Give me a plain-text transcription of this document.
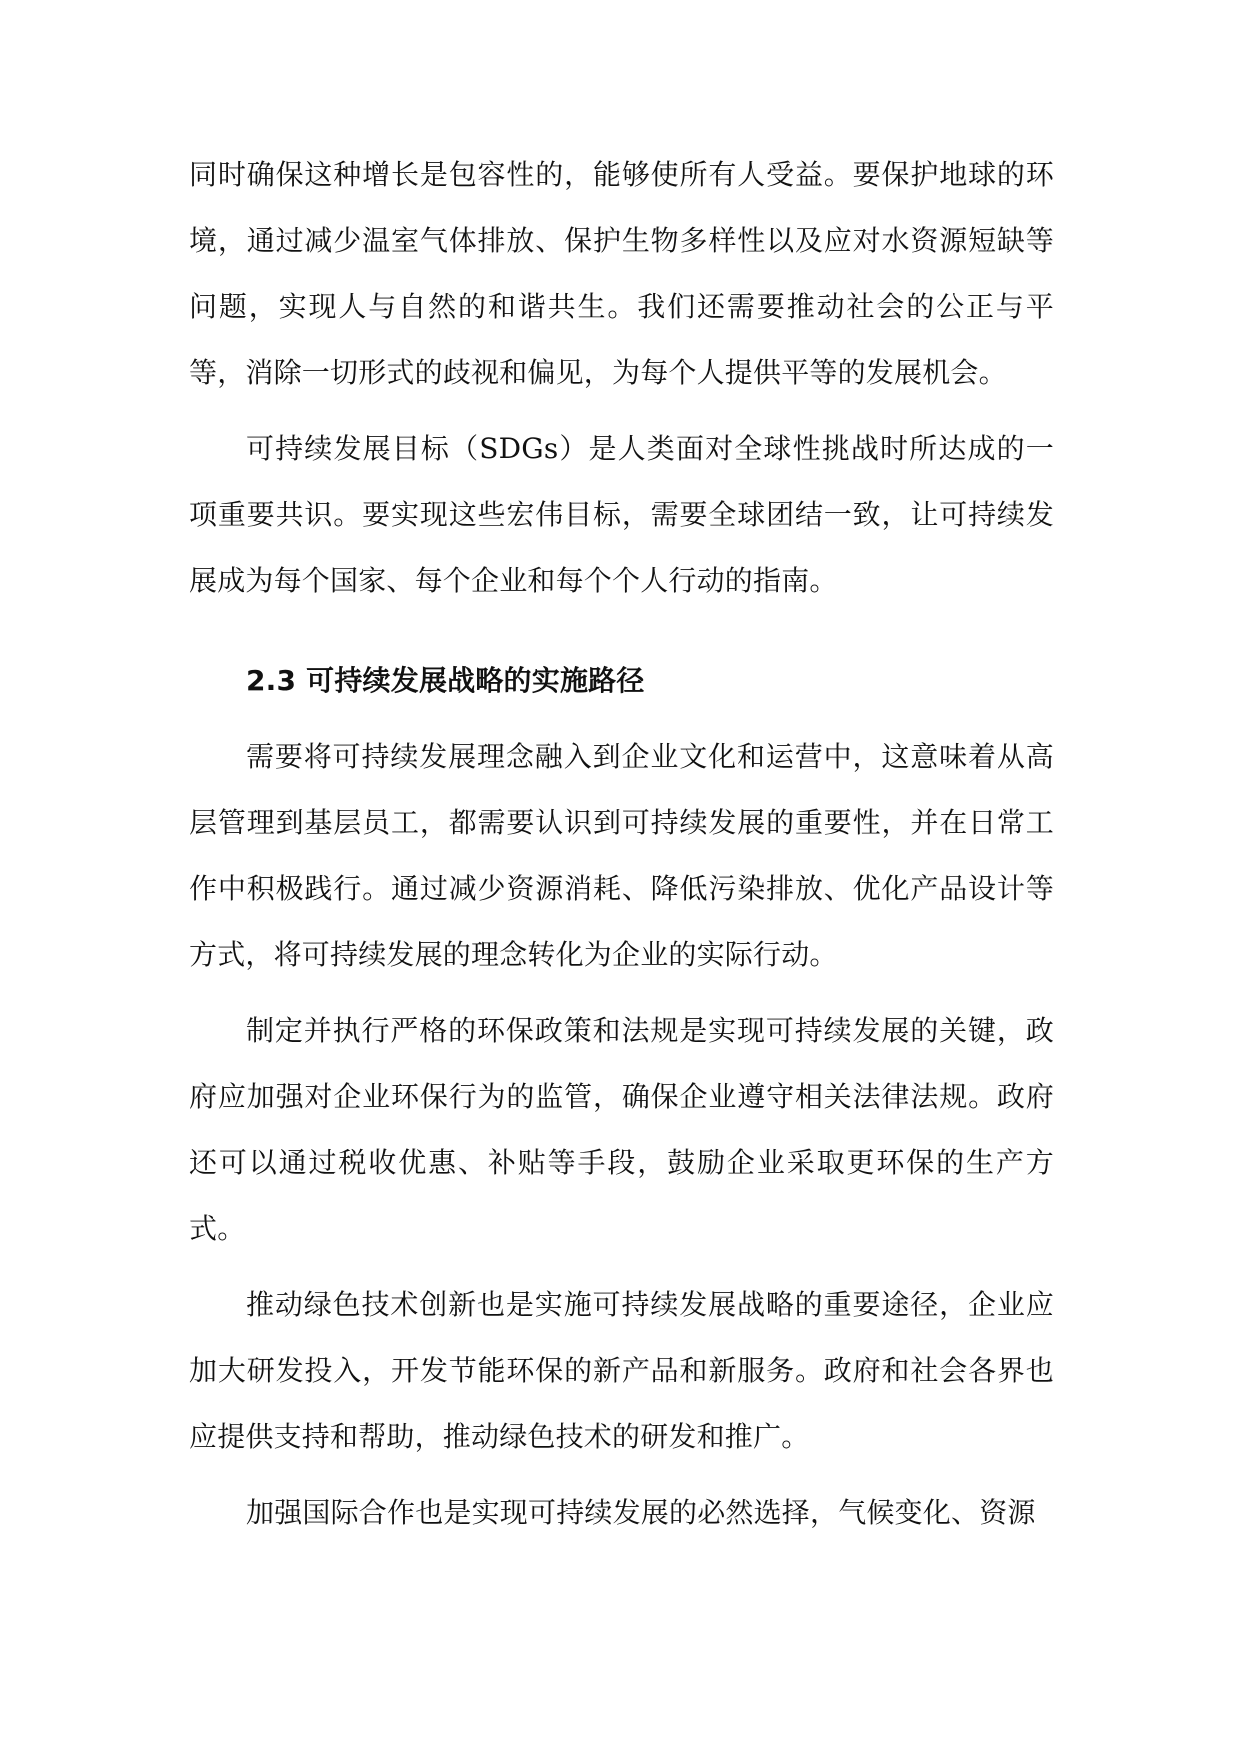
同时确保这种增长是包容性的，能够使所有人受益。要保护地球的环境，通过减少温室气体排放、保护生物多样性以及应对水资源短缺等问题，实现人与自然的和谐共生。我们还需要推动社会的公正与平等，消除一切形式的歧视和偏见，为每个人提供平等的发展机会。

可持续发展目标（SDGs）是人类面对全球性挑战时所达成的一项重要共识。要实现这些宏伟目标，需要全球团结一致，让可持续发展成为每个国家、每个企业和每个个人行动的指南。

2.3 可持续发展战略的实施路径

需要将可持续发展理念融入到企业文化和运营中，这意味着从高层管理到基层员工，都需要认识到可持续发展的重要性，并在日常工作中积极践行。通过减少资源消耗、降低污染排放、优化产品设计等方式，将可持续发展的理念转化为企业的实际行动。

制定并执行严格的环保政策和法规是实现可持续发展的关键，政府应加强对企业环保行为的监管，确保企业遵守相关法律法规。政府还可以通过税收优惠、补贴等手段，鼓励企业采取更环保的生产方式。

推动绿色技术创新也是实施可持续发展战略的重要途径，企业应加大研发投入，开发节能环保的新产品和新服务。政府和社会各界也应提供支持和帮助，推动绿色技术的研发和推广。

加强国际合作也是实现可持续发展的必然选择，气候变化、资源
